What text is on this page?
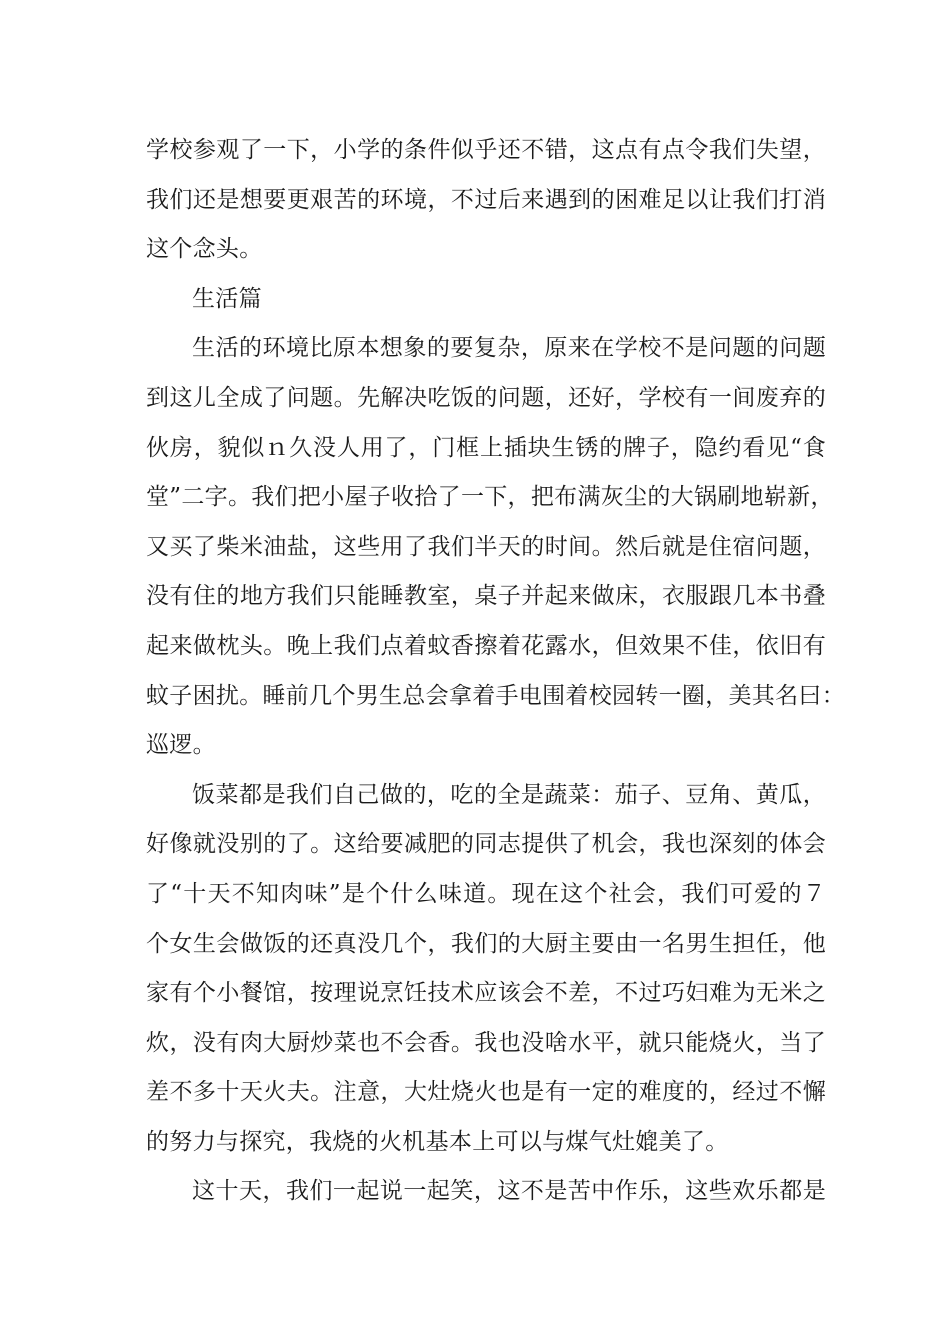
学校参观了一下，小学的条件似乎还不错，这点有点令我们失望，
我们还是想要更艰苦的环境，不过后来遇到的困难足以让我们打消
这个念头。
生活篇
生活的环境比原本想象的要复杂，原来在学校不是问题的问题
到这儿全成了问题。先解决吃饭的问题，还好，学校有一间废弃的
伙房，貌似ｎ久没人用了，门框上插块生锈的牌子，隐约看见“食
堂”二字。我们把小屋子收拾了一下，把布满灰尘的大锅刷地崭新，
又买了柴米油盐，这些用了我们半天的时间。然后就是住宿问题，
没有住的地方我们只能睡教室，桌子并起来做床，衣服跟几本书叠
起来做枕头。晚上我们点着蚊香擦着花露水，但效果不佳，依旧有
蚊子困扰。睡前几个男生总会拿着手电围着校园转一圈，美其名曰：
巡逻。
饭菜都是我们自己做的，吃的全是蔬菜：茄子、豆角、黄瓜，
好像就没别的了。这给要减肥的同志提供了机会，我也深刻的体会
了“十天不知肉味”是个什么味道。现在这个社会，我们可爱的７
个女生会做饭的还真没几个，我们的大厨主要由一名男生担任，他
家有个小餐馆，按理说烹饪技术应该会不差，不过巧妇难为无米之
炊，没有肉大厨炒菜也不会香。我也没啥水平，就只能烧火，当了
差不多十天火夫。注意，大灶烧火也是有一定的难度的，经过不懈
的努力与探究，我烧的火机基本上可以与煤气灶媲美了。
这十天，我们一起说一起笑，这不是苦中作乐，这些欢乐都是
